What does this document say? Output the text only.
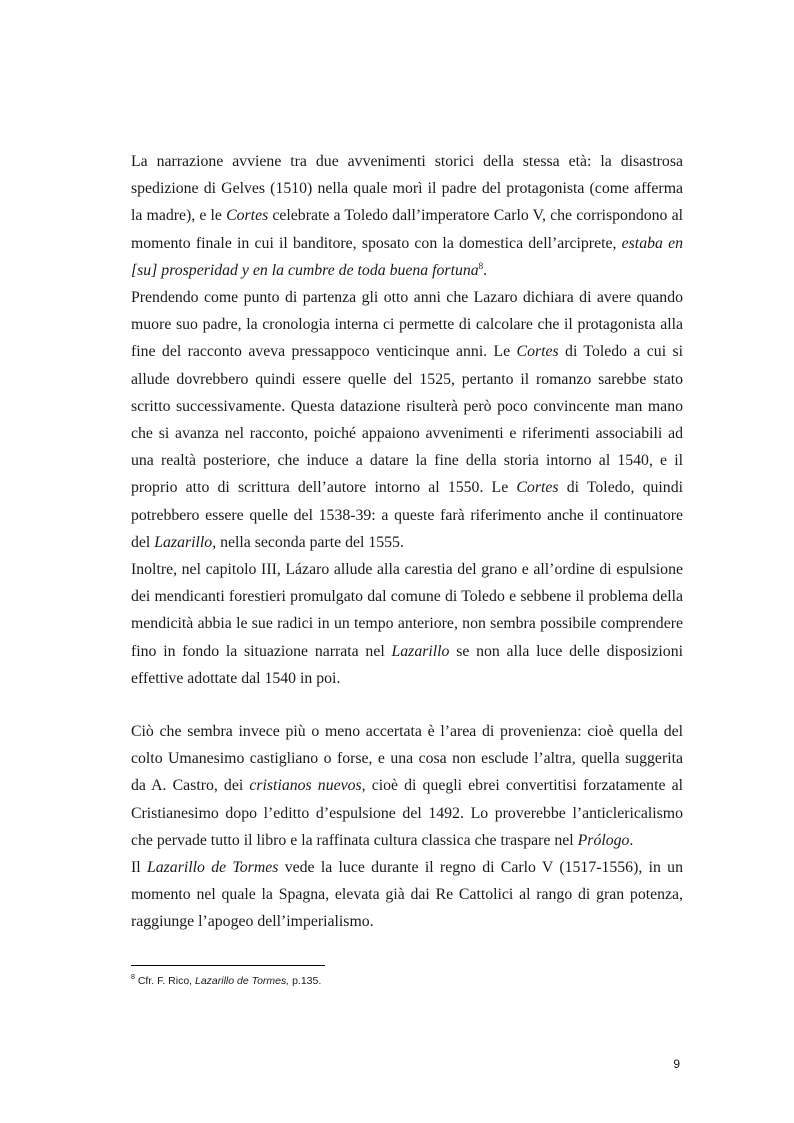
La narrazione avviene tra due avvenimenti storici della stessa età: la disastrosa spedizione di Gelves (1510) nella quale morì il padre del protagonista (come afferma la madre), e le Cortes celebrate a Toledo dall’imperatore Carlo V, che corrispondono al momento finale in cui il banditore, sposato con la domestica dell’arciprete, estaba en [su] prosperidad y en la cumbre de toda buena fortuna$^8$.

Prendendo come punto di partenza gli otto anni che Lazaro dichiara di avere quando muore suo padre, la cronologia interna ci permette di calcolare che il protagonista alla fine del racconto aveva pressappoco venticinque anni. Le Cortes di Toledo a cui si allude dovrebbero quindi essere quelle del 1525, pertanto il romanzo sarebbe stato scritto successivamente. Questa datazione risulterà però poco convincente man mano che si avanza nel racconto, poiché appaiono avvenimenti e riferimenti associabili ad una realtà posteriore, che induce a datare la fine della storia intorno al 1540, e il proprio atto di scrittura dell’autore intorno al 1550. Le Cortes di Toledo, quindi potrebbero essere quelle del 1538-39: a queste farà riferimento anche il continuatore del Lazarillo, nella seconda parte del 1555.

Inoltre, nel capitolo III, Lázaro allude alla carestia del grano e all’ordine di espulsione dei mendicanti forestieri promulgato dal comune di Toledo e sebbene il problema della mendicità abbia le sue radici in un tempo anteriore, non sembra possibile comprendere fino in fondo la situazione narrata nel Lazarillo se non alla luce delle disposizioni effettive adottate dal 1540 in poi.

Ciò che sembra invece più o meno accertata è l’area di provenienza: cioè quella del colto Umanesimo castigliano o forse, e una cosa non esclude l’altra, quella suggerita da A. Castro, dei cristianos nuevos, cioè di quegli ebrei convertitisi forzatamente al Cristianesimo dopo l’editto d’espulsione del 1492. Lo proverebbe l’anticlericalismo che pervade tutto il libro e la raffinata cultura classica che traspare nel Prólogo.

Il Lazarillo de Tormes vede la luce durante il regno di Carlo V (1517-1556), in un momento nel quale la Spagna, elevata già dai Re Cattolici al rango di gran potenza, raggiunge l’apogeo dell’imperialismo.

$^8$ Cfr. F. Rico, Lazarillo de Tormes, p.135.
9
